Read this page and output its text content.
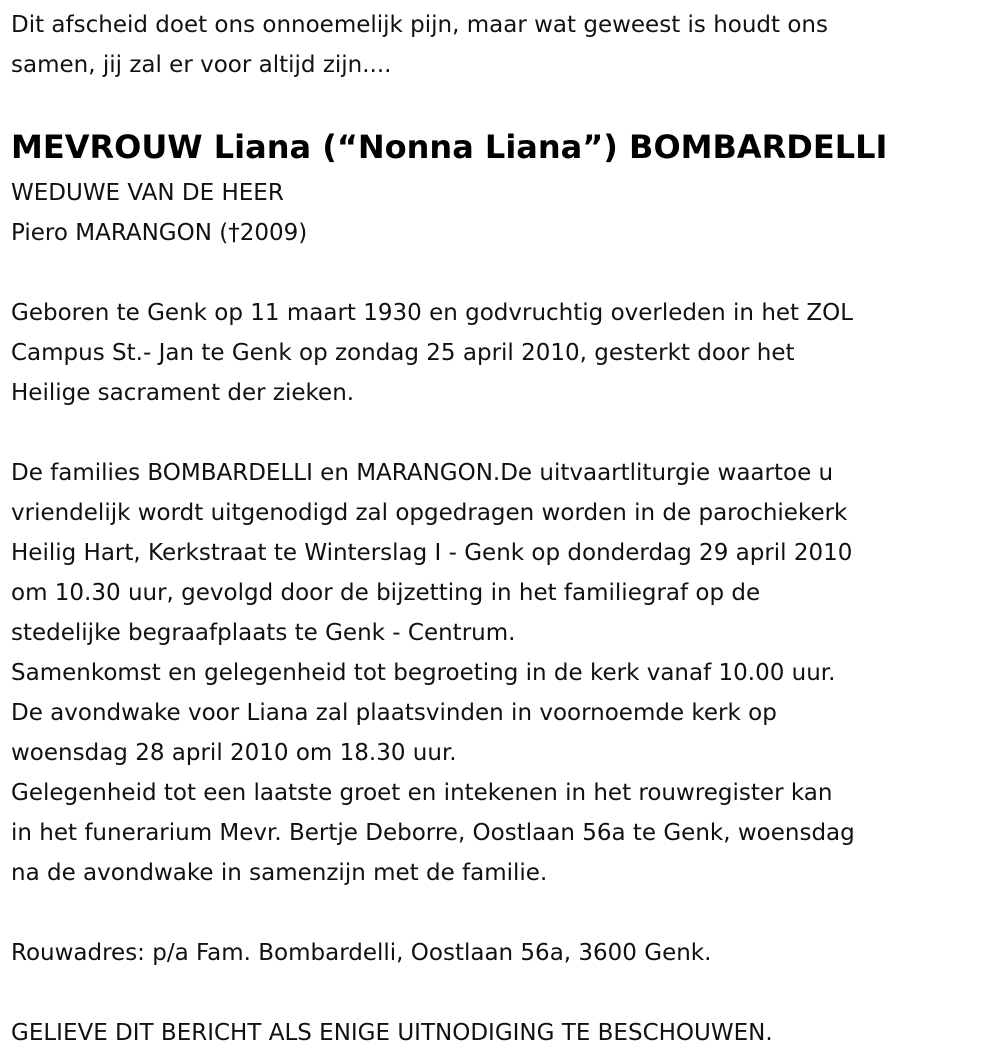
Dit afscheid doet ons onnoemelijk pijn, maar wat geweest is houdt ons
samen, jij zal er voor altijd zijn....
MEVROUW Liana (“Nonna Liana”) BOMBARDELLI
WEDUWE VAN DE HEER
Piero MARANGON (†2009)
Geboren te Genk op 11 maart 1930 en godvruchtig overleden in het ZOL
Campus St.- Jan te Genk op zondag 25 april 2010, gesterkt door het
Heilige sacrament der zieken.
De families BOMBARDELLI en MARANGON.De uitvaartliturgie waartoe u
vriendelijk wordt uitgenodigd zal opgedragen worden in de parochiekerk
Heilig Hart, Kerkstraat te Winterslag I - Genk op donderdag 29 april 2010
om 10.30 uur, gevolgd door de bijzetting in het familiegraf op de
stedelijke begraafplaats te Genk - Centrum.
Samenkomst en gelegenheid tot begroeting in de kerk vanaf 10.00 uur.
De avondwake voor Liana zal plaatsvinden in voornoemde kerk op
woensdag 28 april 2010 om 18.30 uur.
Gelegenheid tot een laatste groet en intekenen in het rouwregister kan
in het funerarium Mevr. Bertje Deborre, Oostlaan 56a te Genk, woensdag
na de avondwake in samenzijn met de familie.
Rouwadres: p/a Fam. Bombardelli, Oostlaan 56a, 3600 Genk.
GELIEVE DIT BERICHT ALS ENIGE UITNODIGING TE BESCHOUWEN.
